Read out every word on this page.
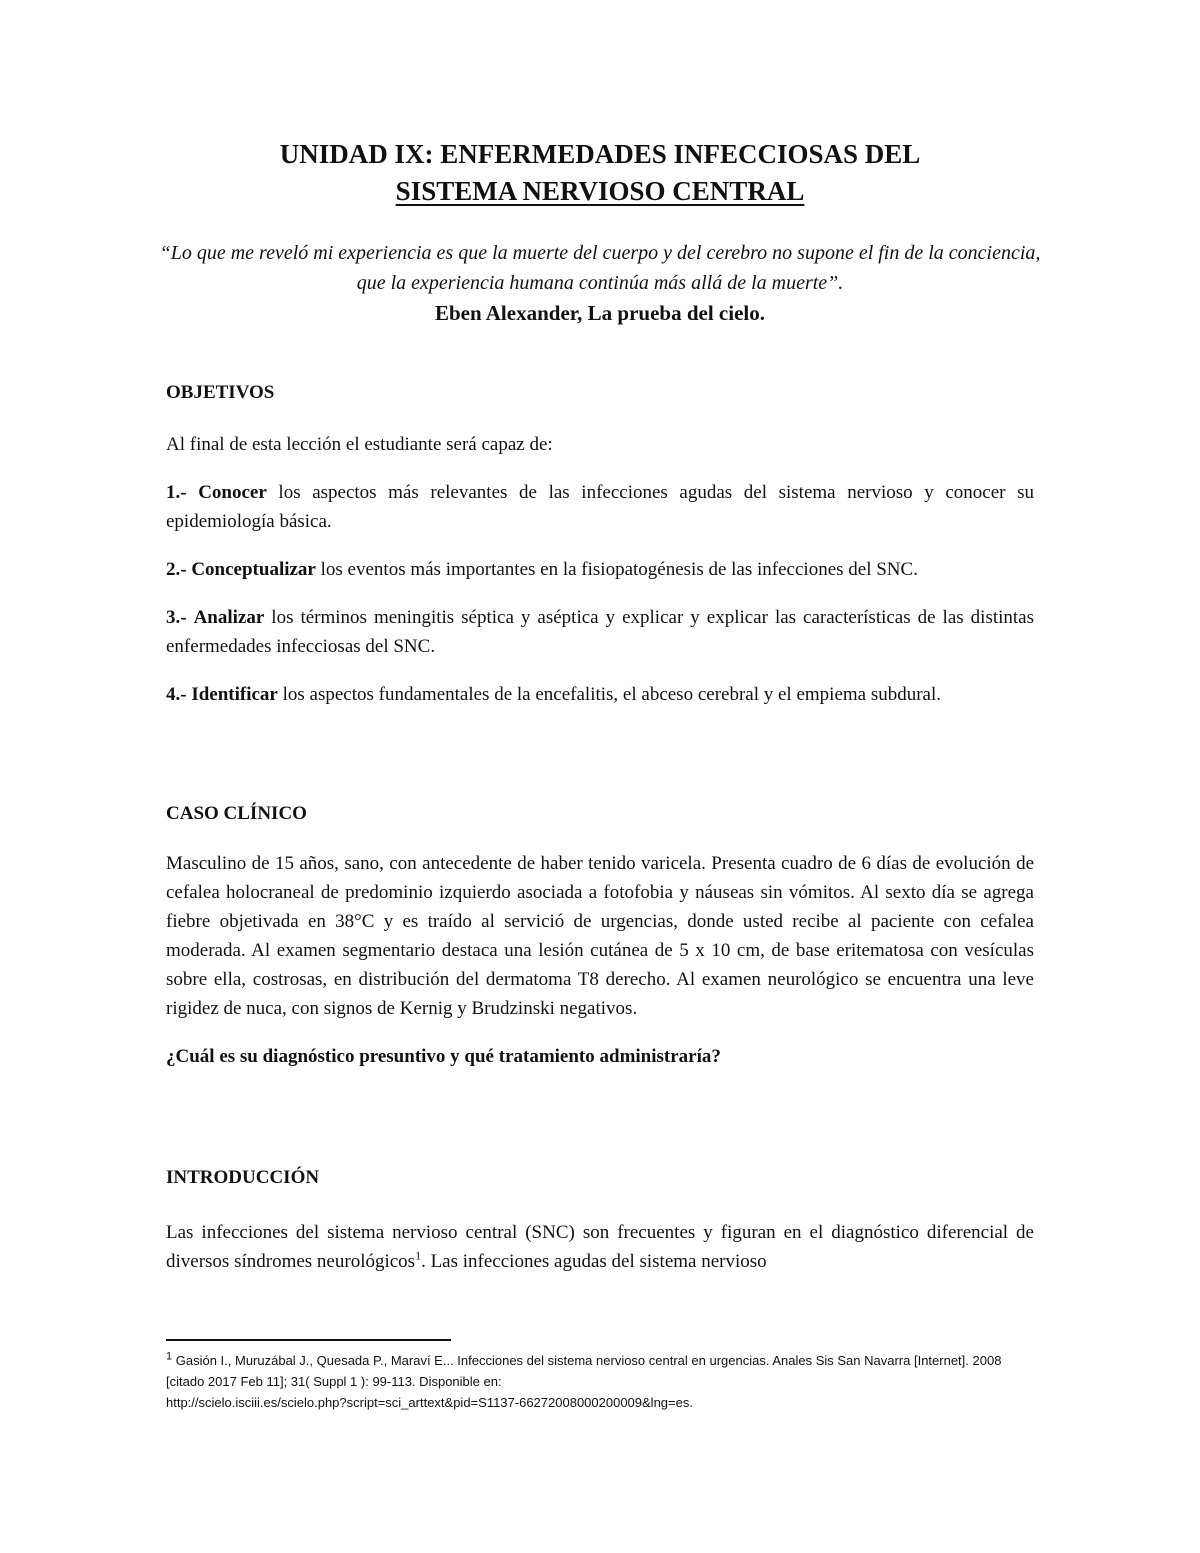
UNIDAD IX: ENFERMEDADES INFECCIOSAS DEL
SISTEMA NERVIOSO CENTRAL
“Lo que me reveló mi experiencia es que la muerte del cuerpo y del cerebro no supone el fin de la conciencia, que la experiencia humana continúa más allá de la muerte”.
Eben Alexander, La prueba del cielo.

OBJETIVOS

Al final de esta lección el estudiante será capaz de:

1.- Conocer los aspectos más relevantes de las infecciones agudas del sistema nervioso y conocer su epidemiología básica.

2.- Conceptualizar los eventos más importantes en la fisiopatogénesis de las infecciones del SNC.

3.- Analizar los términos meningitis séptica y aséptica y explicar y explicar las características de las distintas enfermedades infecciosas del SNC.

4.- Identificar los aspectos fundamentales de la encefalitis, el abceso cerebral y el empiema subdural.

CASO CLÍNICO

Masculino de 15 años, sano, con antecedente de haber tenido varicela. Presenta cuadro de 6 días de evolución de cefalea holocraneal de predominio izquierdo asociada a fotofobia y náuseas sin vómitos. Al sexto día se agrega fiebre objetivada en 38°C y es traído al servició de urgencias, donde usted recibe al paciente con cefalea moderada. Al examen segmentario destaca una lesión cutánea de 5 x 10 cm, de base eritematosa con vesículas sobre ella, costrosas, en distribución del dermatoma T8 derecho. Al examen neurológico se encuentra una leve rigidez de nuca, con signos de Kernig y Brudzinski negativos.

¿Cuál es su diagnóstico presuntivo y qué tratamiento administraría?

INTRODUCCIÓN

Las infecciones del sistema nervioso central (SNC) son frecuentes y figuran en el diagnóstico diferencial de diversos síndromes neurológicos$^1$. Las infecciones agudas del sistema nervioso

$^1$ Gasión I., Muruzábal J., Quesada P., Maraví E... Infecciones del sistema nervioso central en urgencias. Anales Sis San Navarra [Internet]. 2008 [citado 2017 Feb 11]; 31( Suppl 1 ): 99-113. Disponible en:
http://scielo.isciii.es/scielo.php?script=sci_arttext&pid=S1137-66272008000200009&lng=es.
